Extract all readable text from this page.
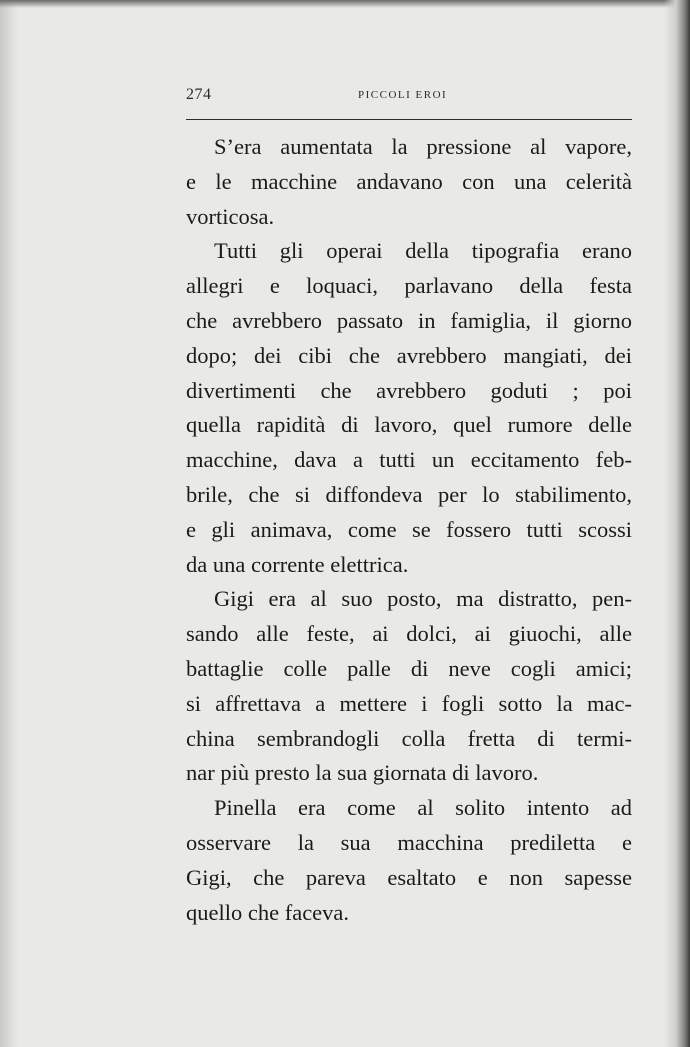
274	PICCOLI EROI
S’era aumentata la pressione al vapore,
e le macchine andavano con una celerità
vorticosa.
Tutti gli operai della tipografia erano
allegri e loquaci, parlavano della festa
che avrebbero passato in famiglia, il giorno
dopo; dei cibi che avrebbero mangiati, dei
divertimenti che avrebbero goduti ; poi
quella rapidità di lavoro, quel rumore delle
macchine, dava a tutti un eccitamento feb-
brile, che si diffondeva per lo stabilimento,
e gli animava, come se fossero tutti scossi
da una corrente elettrica.
Gigi era al suo posto, ma distratto, pen-
sando alle feste, ai dolci, ai giuochi, alle
battaglie colle palle di neve cogli amici;
si affrettava a mettere i fogli sotto la mac-
china sembrandogli colla fretta di termi-
nar più presto la sua giornata di lavoro.
Pinella era come al solito intento ad
osservare la sua macchina prediletta e
Gigi, che pareva esaltato e non sapesse
quello che faceva.
